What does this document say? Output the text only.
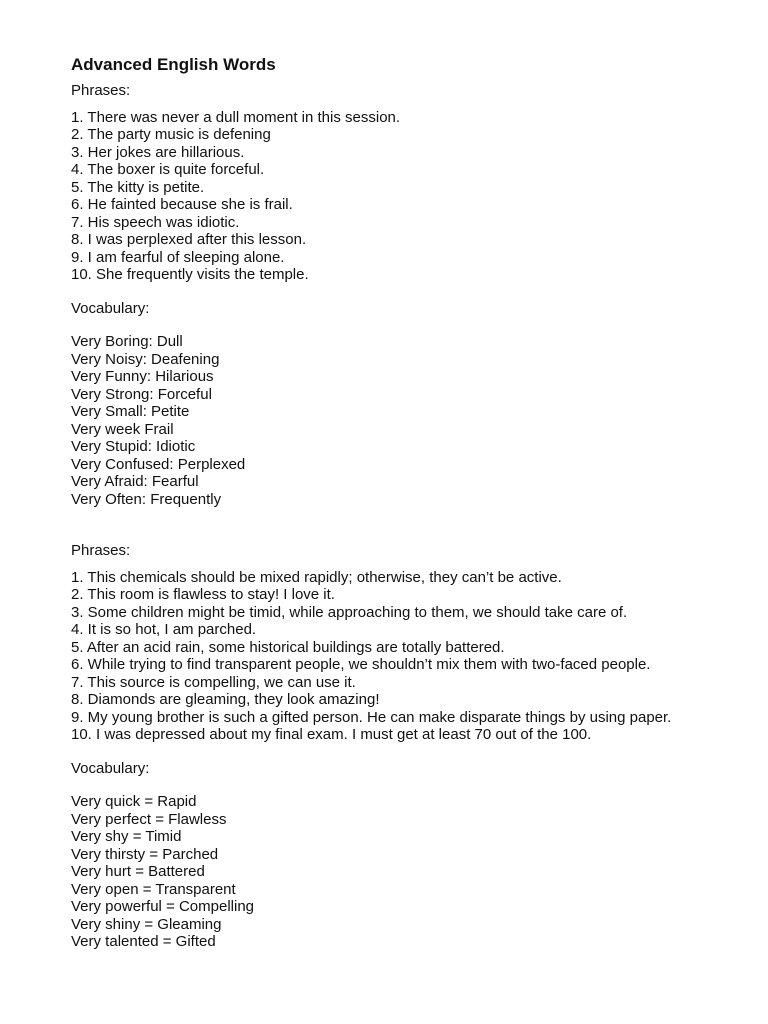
Advanced English Words
Phrases:
1. There was never a dull moment in this session.
2. The party music is defening
3. Her jokes are hillarious.
4. The boxer is quite forceful.
5. The kitty is petite.
6. He fainted because she is frail.
7. His speech was idiotic.
8. I was perplexed after this lesson.
9. I am fearful of sleeping alone.
10. She frequently visits the temple.
Vocabulary:
Very Boring: Dull
Very Noisy: Deafening
Very Funny: Hilarious
Very Strong: Forceful
Very Small: Petite
Very week Frail
Very Stupid: Idiotic
Very Confused: Perplexed
Very Afraid: Fearful
Very Often: Frequently
Phrases:
1. This chemicals should be mixed rapidly; otherwise, they can’t be active.
2. This room is flawless to stay! I love it.
3. Some children might be timid, while approaching to them, we should take care of.
4. It is so hot, I am parched.
5. After an acid rain, some historical buildings are totally battered.
6. While trying to find transparent people, we shouldn’t mix them with two-faced people.
7. This source is compelling, we can use it.
8. Diamonds are gleaming, they look amazing!
9. My young brother is such a gifted person. He can make disparate things by using paper.
10. I was depressed about my final exam. I must get at least 70 out of the 100.
Vocabulary:
Very quick = Rapid
Very perfect = Flawless
Very shy = Timid
Very thirsty = Parched
Very hurt = Battered
Very open = Transparent
Very powerful = Compelling
Very shiny = Gleaming
Very talented = Gifted
